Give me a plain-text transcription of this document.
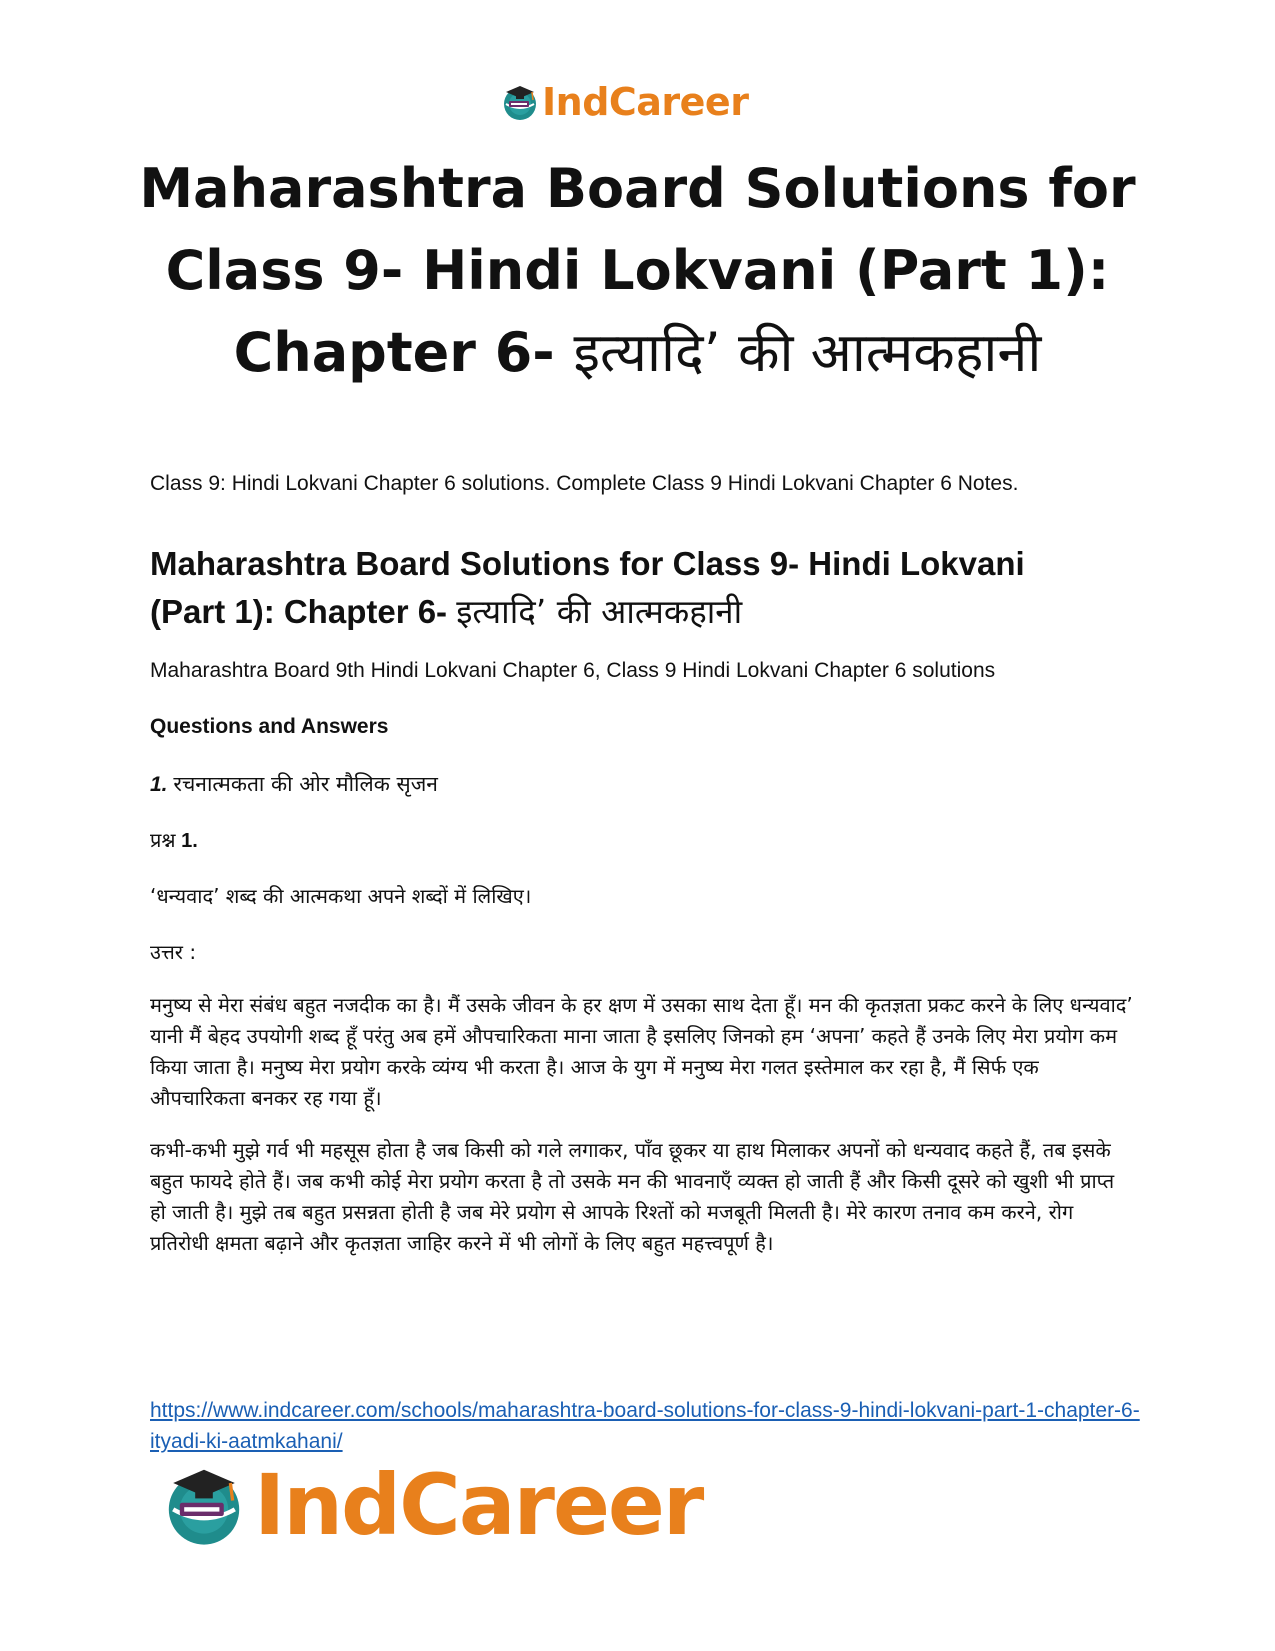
IndCareer
Maharashtra Board Solutions for
Class 9- Hindi Lokvani (Part 1):
Chapter 6- इत्यादि’ की आत्मकहानी
Class 9: Hindi Lokvani Chapter 6 solutions. Complete Class 9 Hindi Lokvani Chapter 6 Notes.
Maharashtra Board Solutions for Class 9- Hindi Lokvani
(Part 1): Chapter 6- इत्यादि’ की आत्मकहानी
Maharashtra Board 9th Hindi Lokvani Chapter 6, Class 9 Hindi Lokvani Chapter 6 solutions
Questions and Answers
1. रचनात्मकता की ओर मौलिक सृजन
प्रश्न 1.
‘धन्यवाद’ शब्द की आत्मकथा अपने शब्दों में लिखिए।
उत्तर :

मनुष्य से मेरा संबंध बहुत नजदीक का है। मैं उसके जीवन के हर क्षण में उसका साथ देता हूँ। मन की कृतज्ञता प्रकट करने के लिए धन्यवाद’ यानी मैं बेहद उपयोगी शब्द हूँ परंतु अब हमें औपचारिकता माना जाता है इसलिए जिनको हम ‘अपना’ कहते हैं उनके लिए मेरा प्रयोग कम किया जाता है। मनुष्य मेरा प्रयोग करके व्यंग्य भी करता है। आज के युग में मनुष्य मेरा गलत इस्तेमाल कर रहा है, मैं सिर्फ एक औपचारिकता बनकर रह गया हूँ।

कभी-कभी मुझे गर्व भी महसूस होता है जब किसी को गले लगाकर, पाँव छूकर या हाथ मिलाकर अपनों को धन्यवाद कहते हैं, तब इसके बहुत फायदे होते हैं। जब कभी कोई मेरा प्रयोग करता है तो उसके मन की भावनाएँ व्यक्त हो जाती हैं और किसी दूसरे को खुशी भी प्राप्त हो जाती है। मुझे तब बहुत प्रसन्नता होती है जब मेरे प्रयोग से आपके रिश्तों को मजबूती मिलती है। मेरे कारण तनाव कम करने, रोग प्रतिरोधी क्षमता बढ़ाने और कृतज्ञता जाहिर करने में भी लोगों के लिए बहुत महत्त्वपूर्ण है।

https://www.indcareer.com/schools/maharashtra-board-solutions-for-class-9-hindi-lokvani-part-1-chapter-6-ityadi-ki-aatmkahani/
IndCareer
